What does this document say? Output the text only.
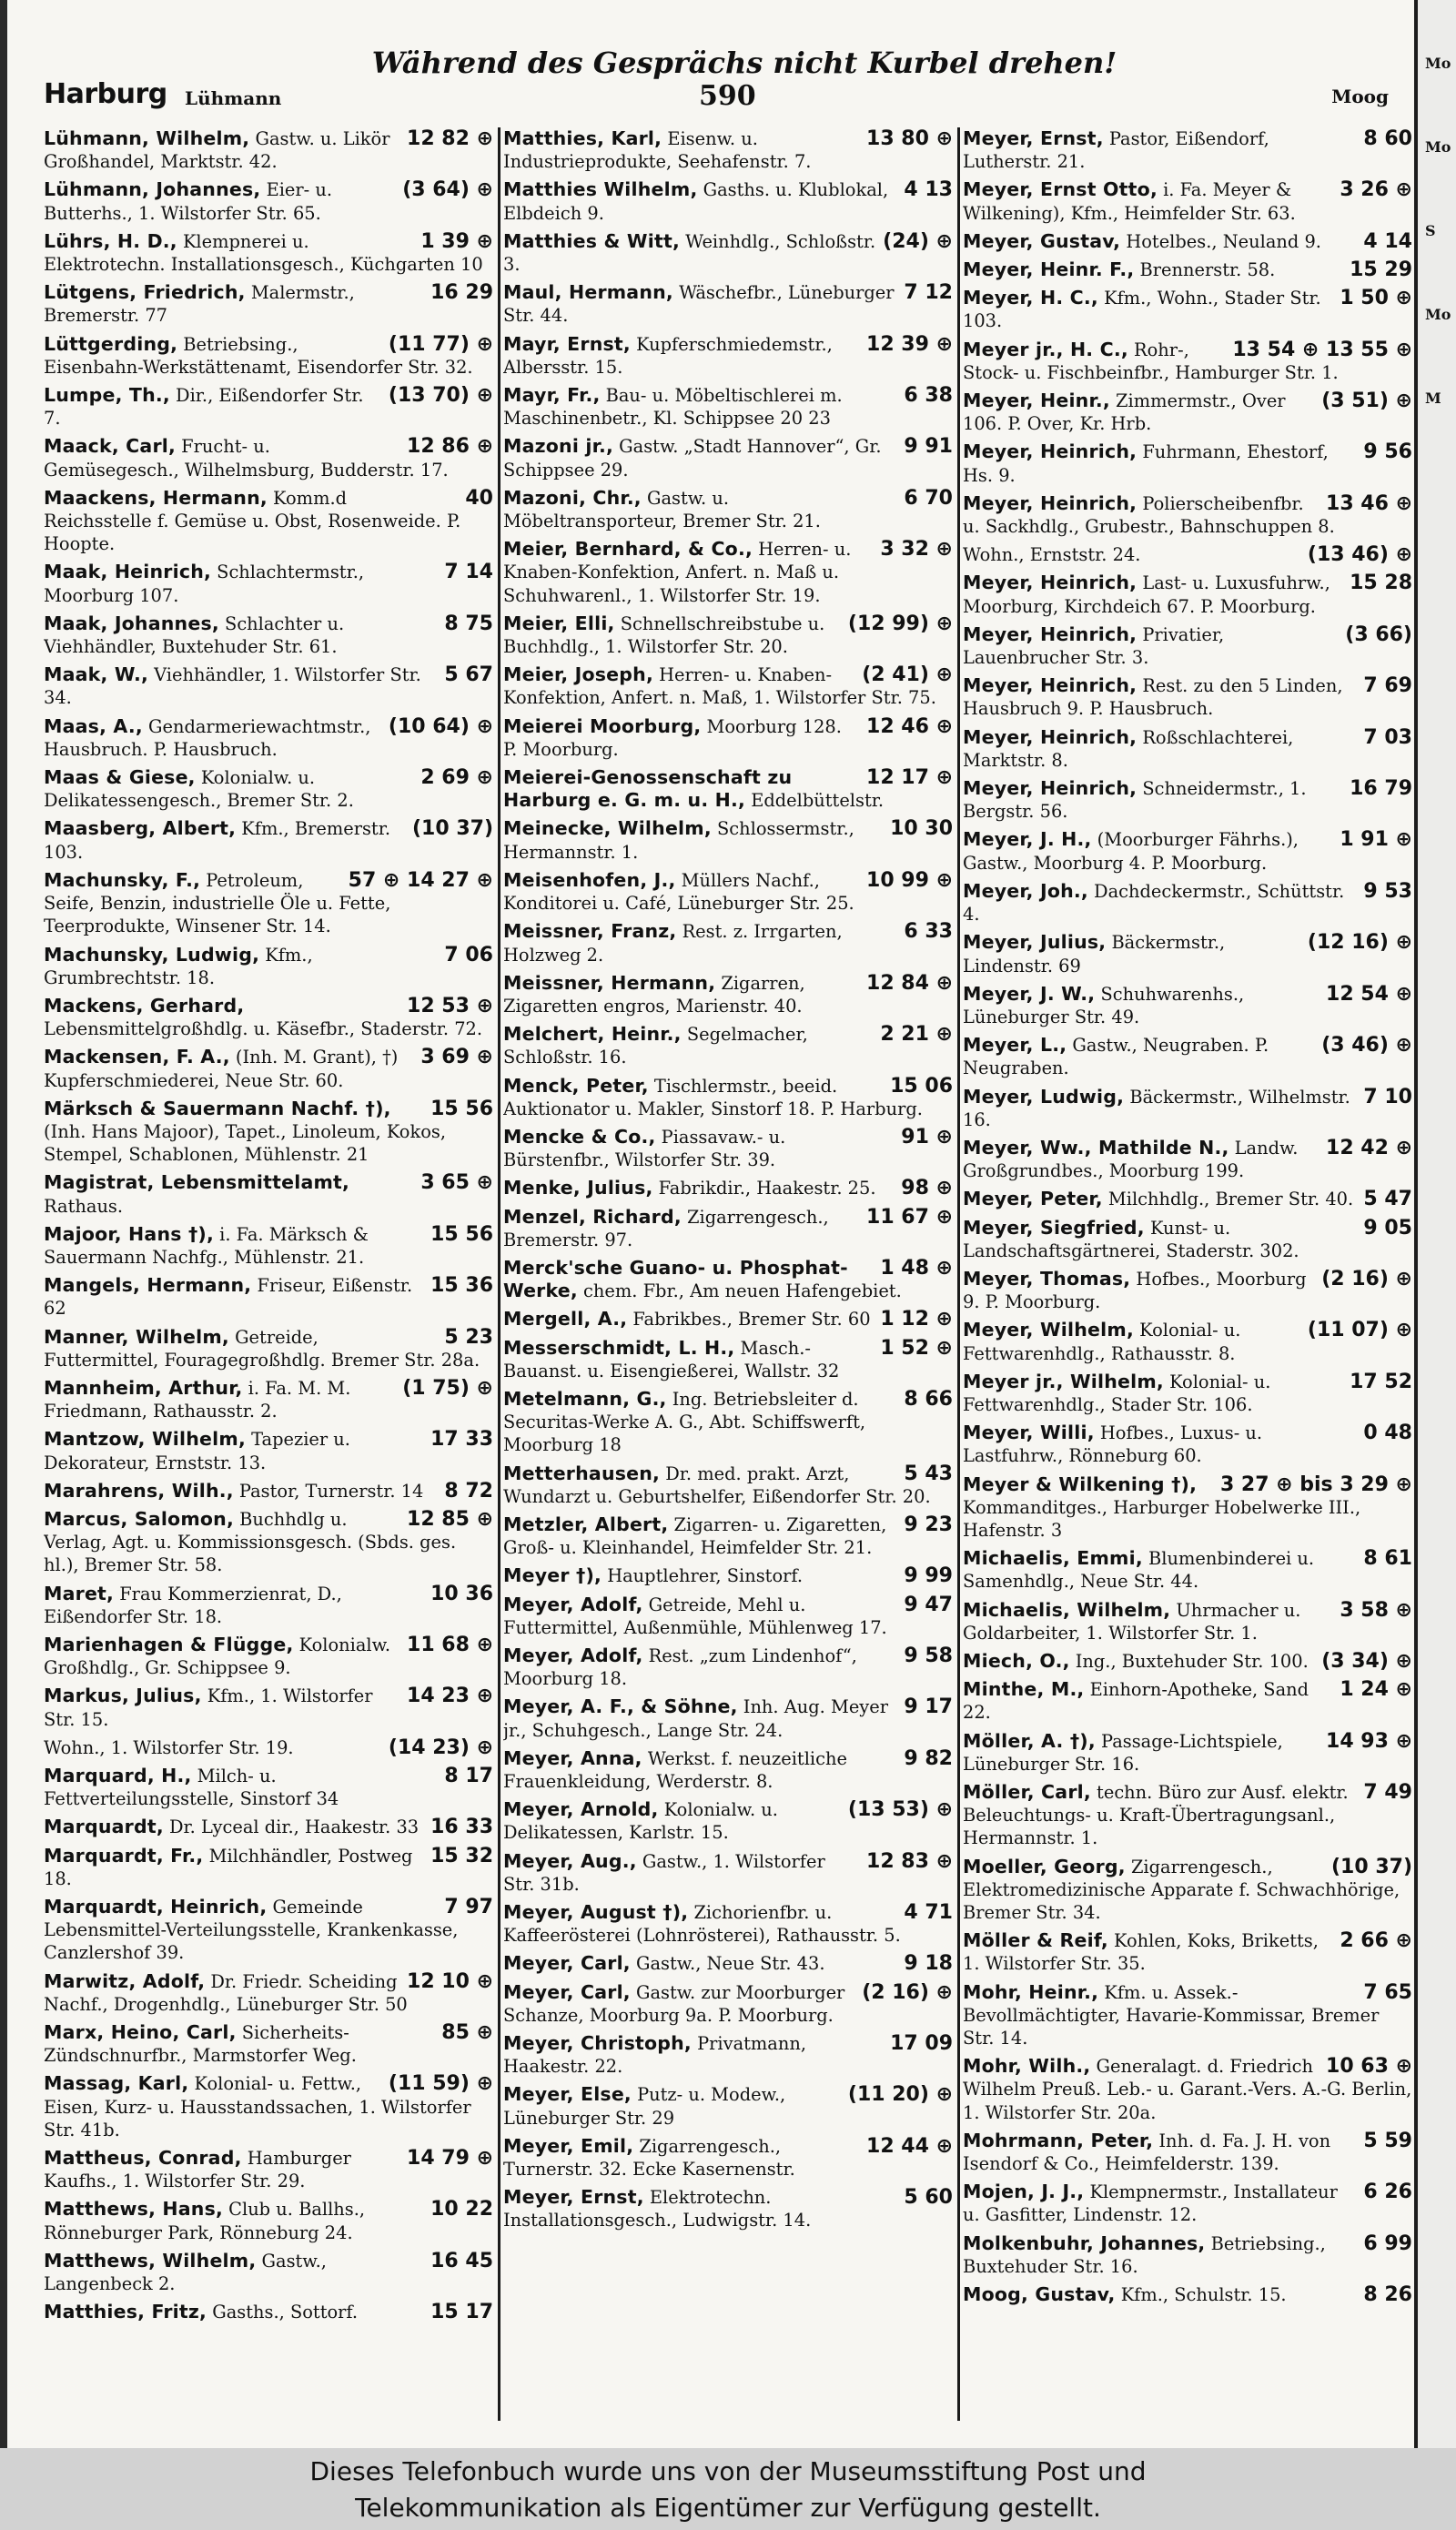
Mo
Mo
S
Mo
M
Harburg Lühmann
Während des Gesprächs nicht Kurbel drehen!
590	Moog
12 82 ⊕
Lühmann, Wilhelm, Gastw. u. Likör Großhandel, Marktstr. 42.
(3 64) ⊕
Lühmann, Johannes, Eier- u. Butterhs., 1. Wilstorfer Str. 65.
1 39 ⊕
Lührs, H. D., Klempnerei u. Elektrotechn. Installationsgesch., Küchgarten 10
16 29
Lütgens, Friedrich, Malermstr., Bremerstr. 77
(11 77) ⊕
Lüttgerding, Betriebsing., Eisenbahn-Werkstättenamt, Eisendorfer Str. 32.
(13 70) ⊕
Lumpe, Th., Dir., Eißendorfer Str. 7.
12 86 ⊕
Maack, Carl, Frucht- u. Gemüsegesch., Wilhelmsburg, Budderstr. 17.
40
Maackens, Hermann, Komm.d Reichsstelle f. Gemüse u. Obst, Rosenweide. P. Hoopte.
7 14
Maak, Heinrich, Schlachtermstr., Moorburg 107.
8 75
Maak, Johannes, Schlachter u. Viehhändler, Buxtehuder Str. 61.
5 67
Maak, W., Viehhändler, 1. Wilstorfer Str. 34.
(10 64) ⊕
Maas, A., Gendarmeriewachtmstr., Hausbruch. P. Hausbruch.
2 69 ⊕
Maas & Giese, Kolonialw. u. Delikatessengesch., Bremer Str. 2.
(10 37)
Maasberg, Albert, Kfm., Bremerstr. 103.
57 ⊕ 14 27 ⊕
Machunsky, F., Petroleum, Seife, Benzin, industrielle Öle u. Fette, Teerprodukte, Winsener Str. 14.
7 06
Machunsky, Ludwig, Kfm., Grumbrechtstr. 18.
12 53 ⊕
Mackens, Gerhard, Lebensmittelgroßhdlg. u. Käsefbr., Staderstr. 72.
3 69 ⊕
Mackensen, F. A., (Inh. M. Grant), †) Kupferschmiederei, Neue Str. 60.
15 56
Märksch & Sauermann Nachf. †), (Inh. Hans Majoor), Tapet., Linoleum, Kokos, Stempel, Schablonen, Mühlenstr. 21
3 65 ⊕
Magistrat, Lebensmittelamt, Rathaus.
15 56
Majoor, Hans †), i. Fa. Märksch & Sauermann Nachfg., Mühlenstr. 21.
15 36
Mangels, Hermann, Friseur, Eißenstr. 62
5 23
Manner, Wilhelm, Getreide, Futtermittel, Fouragegroßhdlg. Bremer Str. 28a.
(1 75) ⊕
Mannheim, Arthur, i. Fa. M. M. Friedmann, Rathausstr. 2.
17 33
Mantzow, Wilhelm, Tapezier u. Dekorateur, Ernststr. 13.
8 72
Marahrens, Wilh., Pastor, Turnerstr. 14
12 85 ⊕
Marcus, Salomon, Buchhdlg u. Verlag, Agt. u. Kommissionsgesch. (Sbds. ges. hl.), Bremer Str. 58.
10 36
Maret, Frau Kommerzienrat, D., Eißendorfer Str. 18.
11 68 ⊕
Marienhagen & Flügge, Kolonialw. Großhdlg., Gr. Schippsee 9.
14 23 ⊕
Markus, Julius, Kfm., 1. Wilstorfer Str. 15.
(14 23) ⊕
Wohn., 1. Wilstorfer Str. 19.
8 17
Marquard, H., Milch- u. Fettverteilungsstelle, Sinstorf 34
16 33
Marquardt, Dr. Lyceal dir., Haakestr. 33
15 32
Marquardt, Fr., Milchhändler, Postweg 18.
7 97
Marquardt, Heinrich, Gemeinde Lebensmittel-Verteilungsstelle, Krankenkasse, Canzlershof 39.
12 10 ⊕
Marwitz, Adolf, Dr. Friedr. Scheiding Nachf., Drogenhdlg., Lüneburger Str. 50
85 ⊕
Marx, Heino, Carl, Sicherheits-Zündschnurfbr., Marmstorfer Weg.
(11 59) ⊕
Massag, Karl, Kolonial- u. Fettw., Eisen, Kurz- u. Hausstandssachen, 1. Wilstorfer Str. 41b.
14 79 ⊕
Mattheus, Conrad, Hamburger Kaufhs., 1. Wilstorfer Str. 29.
10 22
Matthews, Hans, Club u. Ballhs., Rönneburger Park, Rönneburg 24.
16 45
Matthews, Wilhelm, Gastw., Langenbeck 2.
15 17
Matthies, Fritz, Gasths., Sottorf.
13 80 ⊕
Matthies, Karl, Eisenw. u. Industrieprodukte, Seehafenstr. 7.
4 13
Matthies Wilhelm, Gasths. u. Klublokal, Elbdeich 9.
(24) ⊕
Matthies & Witt, Weinhdlg., Schloßstr. 3.
7 12
Maul, Hermann, Wäschefbr., Lüneburger Str. 44.
12 39 ⊕
Mayr, Ernst, Kupferschmiedemstr., Albersstr. 15.
6 38
Mayr, Fr., Bau- u. Möbeltischlerei m. Maschinenbetr., Kl. Schippsee 20 23
9 91
Mazoni jr., Gastw. „Stadt Hannover“, Gr. Schippsee 29.
6 70
Mazoni, Chr., Gastw. u. Möbeltransporteur, Bremer Str. 21.
3 32 ⊕
Meier, Bernhard, & Co., Herren- u. Knaben-Konfektion, Anfert. n. Maß u. Schuhwarenl., 1. Wilstorfer Str. 19.
(12 99) ⊕
Meier, Elli, Schnellschreibstube u. Buchhdlg., 1. Wilstorfer Str. 20.
(2 41) ⊕
Meier, Joseph, Herren- u. Knaben-Konfektion, Anfert. n. Maß, 1. Wilstorfer Str. 75.
12 46 ⊕
Meierei Moorburg, Moorburg 128. P. Moorburg.
12 17 ⊕
Meierei-Genossenschaft zu Harburg e. G. m. u. H., Eddelbüttelstr.
10 30
Meinecke, Wilhelm, Schlossermstr., Hermannstr. 1.
10 99 ⊕
Meisenhofen, J., Müllers Nachf., Konditorei u. Café, Lüneburger Str. 25.
6 33
Meissner, Franz, Rest. z. Irrgarten, Holzweg 2.
12 84 ⊕
Meissner, Hermann, Zigarren, Zigaretten engros, Marienstr. 40.
2 21 ⊕
Melchert, Heinr., Segelmacher, Schloßstr. 16.
15 06
Menck, Peter, Tischlermstr., beeid. Auktionator u. Makler, Sinstorf 18. P. Harburg.
91 ⊕
Mencke & Co., Piassavaw.- u. Bürstenfbr., Wilstorfer Str. 39.
98 ⊕
Menke, Julius, Fabrikdir., Haakestr. 25.
11 67 ⊕
Menzel, Richard, Zigarrengesch., Bremerstr. 97.
1 48 ⊕
Merck'sche Guano- u. Phosphat-Werke, chem. Fbr., Am neuen Hafengebiet.
1 12 ⊕
Mergell, A., Fabrikbes., Bremer Str. 60
1 52 ⊕
Messerschmidt, L. H., Masch.-Bauanst. u. Eisengießerei, Wallstr. 32
8 66
Metelmann, G., Ing. Betriebsleiter d. Securitas-Werke A. G., Abt. Schiffswerft, Moorburg 18
5 43
Metterhausen, Dr. med. prakt. Arzt, Wundarzt u. Geburtshelfer, Eißendorfer Str. 20.
9 23
Metzler, Albert, Zigarren- u. Zigaretten, Groß- u. Kleinhandel, Heimfelder Str. 21.
9 99
Meyer †), Hauptlehrer, Sinstorf.
9 47
Meyer, Adolf, Getreide, Mehl u. Futtermittel, Außenmühle, Mühlenweg 17.
9 58
Meyer, Adolf, Rest. „zum Lindenhof“, Moorburg 18.
9 17
Meyer, A. F., & Söhne, Inh. Aug. Meyer jr., Schuhgesch., Lange Str. 24.
9 82
Meyer, Anna, Werkst. f. neuzeitliche Frauenkleidung, Werderstr. 8.
(13 53) ⊕
Meyer, Arnold, Kolonialw. u. Delikatessen, Karlstr. 15.
12 83 ⊕
Meyer, Aug., Gastw., 1. Wilstorfer Str. 31b.
4 71
Meyer, August †), Zichorienfbr. u. Kaffeerösterei (Lohnrösterei), Rathausstr. 5.
9 18
Meyer, Carl, Gastw., Neue Str. 43.
(2 16) ⊕
Meyer, Carl, Gastw. zur Moorburger Schanze, Moorburg 9a. P. Moorburg.
17 09
Meyer, Christoph, Privatmann, Haakestr. 22.
(11 20) ⊕
Meyer, Else, Putz- u. Modew., Lüneburger Str. 29
12 44 ⊕
Meyer, Emil, Zigarrengesch., Turnerstr. 32. Ecke Kasernenstr.
5 60
Meyer, Ernst, Elektrotechn. Installationsgesch., Ludwigstr. 14.
8 60
Meyer, Ernst, Pastor, Eißendorf, Lutherstr. 21.
3 26 ⊕
Meyer, Ernst Otto, i. Fa. Meyer & Wilkening), Kfm., Heimfelder Str. 63.
4 14
Meyer, Gustav, Hotelbes., Neuland 9.
15 29
Meyer, Heinr. F., Brennerstr. 58.
1 50 ⊕
Meyer, H. C., Kfm., Wohn., Stader Str. 103.
13 54 ⊕ 13 55 ⊕
Meyer jr., H. C., Rohr-, Stock- u. Fischbeinfbr., Hamburger Str. 1.
(3 51) ⊕
Meyer, Heinr., Zimmermstr., Over 106. P. Over, Kr. Hrb.
9 56
Meyer, Heinrich, Fuhrmann, Ehestorf, Hs. 9.
13 46 ⊕
Meyer, Heinrich, Polierscheibenfbr. u. Sackhdlg., Grubestr., Bahnschuppen 8.
(13 46) ⊕
Wohn., Ernststr. 24.
15 28
Meyer, Heinrich, Last- u. Luxusfuhrw., Moorburg, Kirchdeich 67. P. Moorburg.
(3 66)
Meyer, Heinrich, Privatier, Lauenbrucher Str. 3.
7 69
Meyer, Heinrich, Rest. zu den 5 Linden, Hausbruch 9. P. Hausbruch.
7 03
Meyer, Heinrich, Roßschlachterei, Marktstr. 8.
16 79
Meyer, Heinrich, Schneidermstr., 1. Bergstr. 56.
1 91 ⊕
Meyer, J. H., (Moorburger Fährhs.), Gastw., Moorburg 4. P. Moorburg.
9 53
Meyer, Joh., Dachdeckermstr., Schüttstr. 4.
(12 16) ⊕
Meyer, Julius, Bäckermstr., Lindenstr. 69
12 54 ⊕
Meyer, J. W., Schuhwarenhs., Lüneburger Str. 49.
(3 46) ⊕
Meyer, L., Gastw., Neugraben. P. Neugraben.
7 10
Meyer, Ludwig, Bäckermstr., Wilhelmstr. 16.
12 42 ⊕
Meyer, Ww., Mathilde N., Landw. Großgrundbes., Moorburg 199.
5 47
Meyer, Peter, Milchhdlg., Bremer Str. 40.
9 05
Meyer, Siegfried, Kunst- u. Landschaftsgärtnerei, Staderstr. 302.
(2 16) ⊕
Meyer, Thomas, Hofbes., Moorburg 9. P. Moorburg.
(11 07) ⊕
Meyer, Wilhelm, Kolonial- u. Fettwarenhdlg., Rathausstr. 8.
17 52
Meyer jr., Wilhelm, Kolonial- u. Fettwarenhdlg., Stader Str. 106.
0 48
Meyer, Willi, Hofbes., Luxus- u. Lastfuhrw., Rönneburg 60.
3 27 ⊕ bis 3 29 ⊕
Meyer & Wilkening †), Kommanditges., Harburger Hobelwerke III., Hafenstr. 3
8 61
Michaelis, Emmi, Blumenbinderei u. Samenhdlg., Neue Str. 44.
3 58 ⊕
Michaelis, Wilhelm, Uhrmacher u. Goldarbeiter, 1. Wilstorfer Str. 1.
(3 34) ⊕
Miech, O., Ing., Buxtehuder Str. 100.
1 24 ⊕
Minthe, M., Einhorn-Apotheke, Sand 22.
14 93 ⊕
Möller, A. †), Passage-Lichtspiele, Lüneburger Str. 16.
7 49
Möller, Carl, techn. Büro zur Ausf. elektr. Beleuchtungs- u. Kraft-Übertragungsanl., Hermannstr. 1.
(10 37)
Moeller, Georg, Zigarrengesch., Elektromedizinische Apparate f. Schwachhörige, Bremer Str. 34.
2 66 ⊕
Möller & Reif, Kohlen, Koks, Briketts, 1. Wilstorfer Str. 35.
7 65
Mohr, Heinr., Kfm. u. Assek.-Bevollmächtigter, Havarie-Kommissar, Bremer Str. 14.
10 63 ⊕
Mohr, Wilh., Generalagt. d. Friedrich Wilhelm Preuß. Leb.- u. Garant.-Vers. A.-G. Berlin, 1. Wilstorfer Str. 20a.
5 59
Mohrmann, Peter, Inh. d. Fa. J. H. von Isendorf & Co., Heimfelderstr. 139.
6 26
Mojen, J. J., Klempnermstr., Installateur u. Gasfitter, Lindenstr. 12.
6 99
Molkenbuhr, Johannes, Betriebsing., Buxtehuder Str. 16.
8 26
Moog, Gustav, Kfm., Schulstr. 15.
Dieses Telefonbuch wurde uns von der Museumsstiftung Post und
Telekommunikation als Eigentümer zur Verfügung gestellt.
